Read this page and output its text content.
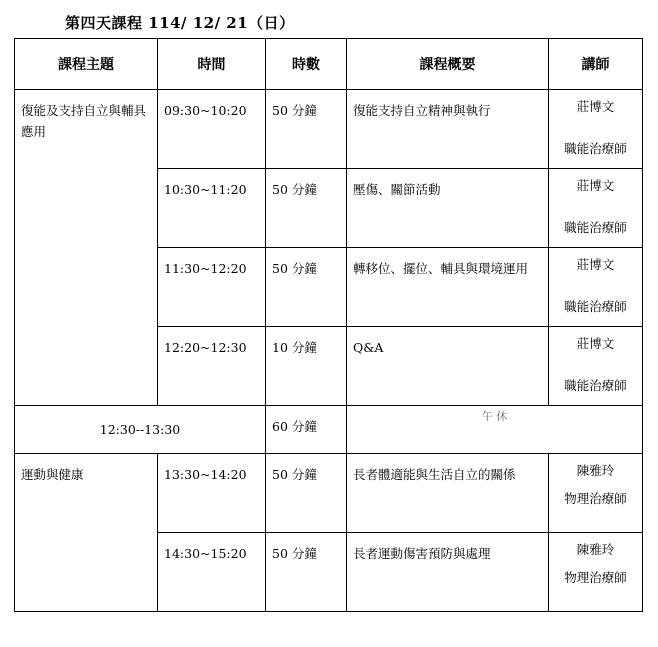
第四天課程 114/ 12/ 21（日）
課程主題	時間	時數	課程概要	講師

復能及支持自立與輔具應用	09:30~10:20	50 分鐘	復能支持自立精神與執行	莊博文
職能治療師

	10:30~11:20	50 分鐘	壓傷、關節活動	莊博文
職能治療師

	11:30~12:20	50 分鐘	轉移位、擺位、輔具與環境運用	莊博文
職能治療師

	12:20~12:30	10 分鐘	Q&A	莊博文
職能治療師

12:30--13:30		60 分鐘	午 休	

運動與健康	13:30~14:20	50 分鐘	長者體適能與生活自立的關係	陳雅玲
物理治療師

	14:30~15:20	50 分鐘	長者運動傷害預防與處理	陳雅玲
物理治療師
